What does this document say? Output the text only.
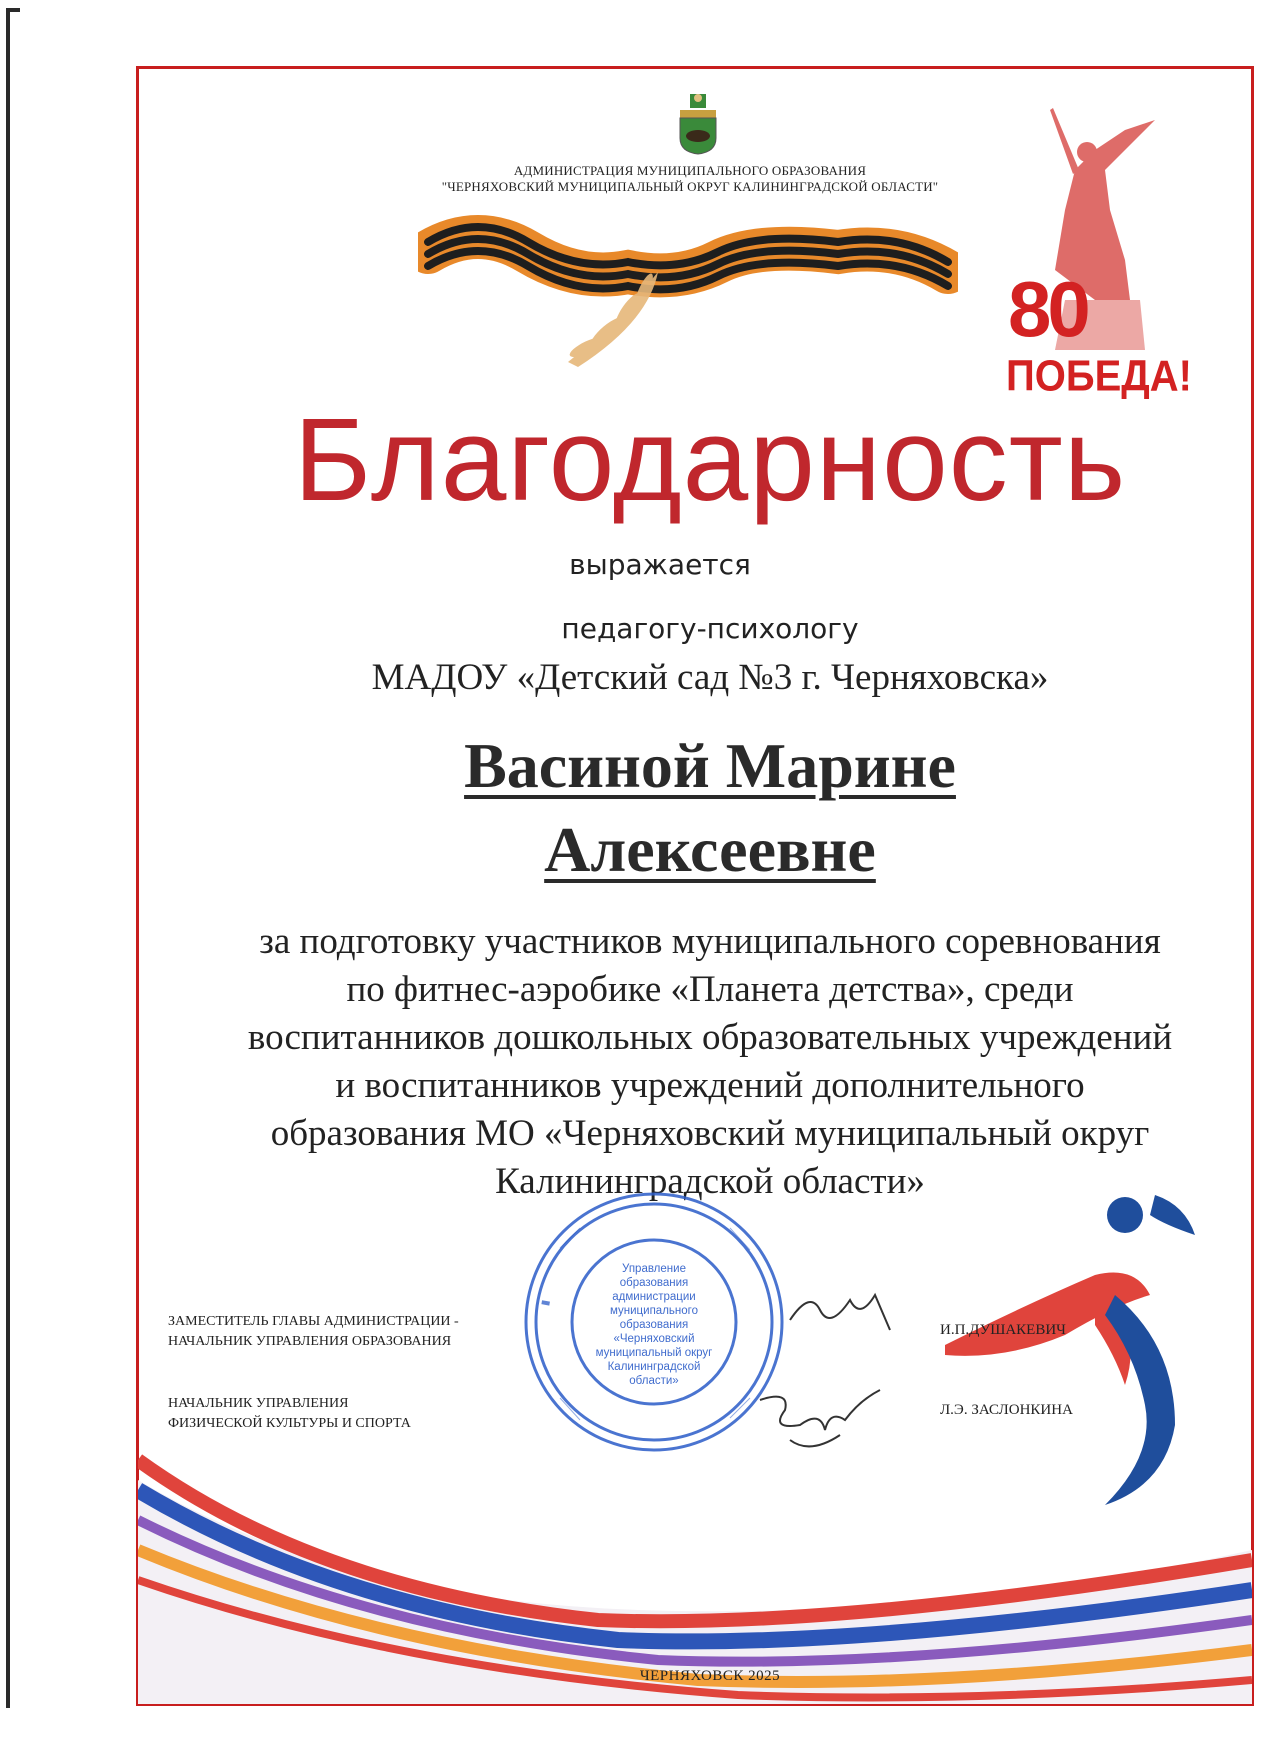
АДМИНИСТРАЦИЯ МУНИЦИПАЛЬНОГО ОБРАЗОВАНИЯ
"ЧЕРНЯХОВСКИЙ МУНИЦИПАЛЬНЫЙ ОКРУГ КАЛИНИНГРАДСКОЙ ОБЛАСТИ"
80
ПОБЕДА!
Благодарность
выражается
педагогу-психологу
МАДОУ «Детский сад №3 г. Черняховска»
Васиной Марине
Алексеевне
за подготовку участников муниципального соревнования
по фитнес-аэробике «Планета детства», среди
воспитанников дошкольных образовательных учреждений
и воспитанников учреждений дополнительного
образования МО «Черняховский муниципальный округ
Калининградской области»
Управление
образования
администрации
муниципального
образования
«Черняховский
муниципальный округ
Калининградской
области»
ЗАМЕСТИТЕЛЬ ГЛАВЫ АДМИНИСТРАЦИИ -
НАЧАЛЬНИК УПРАВЛЕНИЯ ОБРАЗОВАНИЯ
И.П.ДУШАКЕВИЧ
НАЧАЛЬНИК УПРАВЛЕНИЯ
ФИЗИЧЕСКОЙ КУЛЬТУРЫ И СПОРТА
Л.Э. ЗАСЛОНКИНА
ЧЕРНЯХОВСК 2025
